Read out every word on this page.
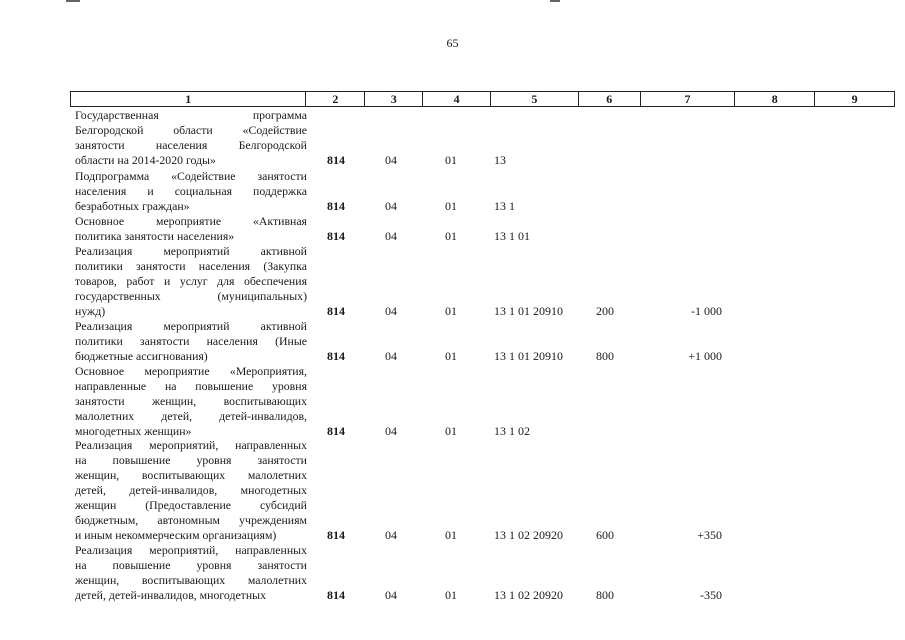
65
1	2	3	4	5	6	7	8	9
Государственная программа
Белгородской области «Содействие
занятости населения Белгородской
области на 2014-2020 годы»	814	04	01	13
Подпрограмма «Содействие занятости
населения и социальная поддержка
безработных граждан»	814	04	01	13 1
Основное мероприятие «Активная
политика занятости населения»	814	04	01	13 1 01
Реализация мероприятий активной
политики занятости населения (Закупка
товаров, работ и услуг для обеспечения
государственных (муниципальных)
нужд)	814	04	01	13 1 01 20910	200	-1 000
Реализация мероприятий активной
политики занятости населения (Иные
бюджетные ассигнования)	814	04	01	13 1 01 20910	800	+1 000
Основное мероприятие «Мероприятия,
направленные на повышение уровня
занятости женщин, воспитывающих
малолетних детей, детей-инвалидов,
многодетных женщин»	814	04	01	13 1 02
Реализация мероприятий, направленных
на повышение уровня занятости
женщин, воспитывающих малолетних
детей, детей-инвалидов, многодетных
женщин (Предоставление субсидий
бюджетным, автономным учреждениям
и иным некоммерческим организациям)	814	04	01	13 1 02 20920	600	+350
Реализация мероприятий, направленных
на повышение уровня занятости
женщин, воспитывающих малолетних
детей, детей-инвалидов, многодетных	814	04	01	13 1 02 20920	800	-350
